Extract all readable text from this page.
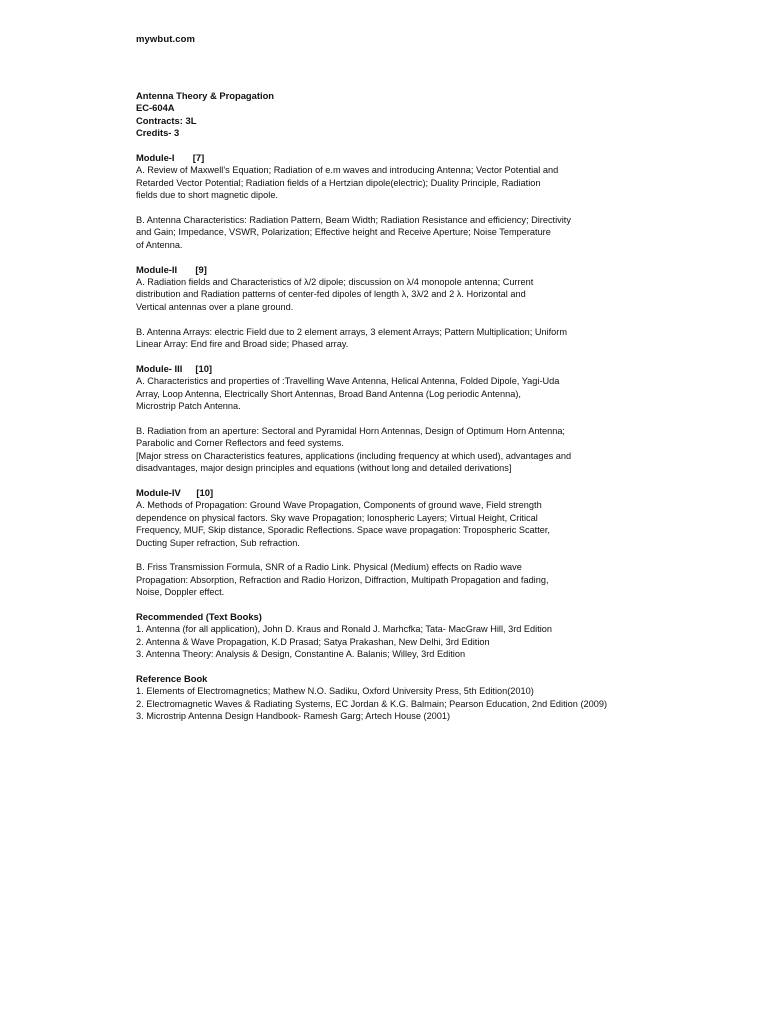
mywbut.com
Antenna Theory & Propagation
EC-604A
Contracts: 3L
Credits- 3
Module-I       [7]

A. Review of Maxwell’s Equation; Radiation of e.m waves and introducing Antenna; Vector Potential and
Retarded Vector Potential; Radiation fields of a Hertzian dipole(electric); Duality Principle, Radiation
fields due to short magnetic dipole.

B. Antenna Characteristics: Radiation Pattern, Beam Width; Radiation Resistance and efficiency; Directivity
and Gain; Impedance, VSWR, Polarization; Effective height and Receive Aperture; Noise Temperature
of Antenna.

Module-II       [9]

A. Radiation fields and Characteristics of λ/2 dipole; discussion on λ/4 monopole antenna; Current
distribution and Radiation patterns of center-fed dipoles of length λ, 3λ/2 and 2 λ. Horizontal and
Vertical antennas over a plane ground.

B. Antenna Arrays: electric Field due to 2 element arrays, 3 element Arrays; Pattern Multiplication; Uniform
Linear Array: End fire and Broad side; Phased array.

Module- III     [10]

A. Characteristics and properties of :Travelling Wave Antenna, Helical Antenna, Folded Dipole, Yagi-Uda
Array, Loop Antenna, Electrically Short Antennas, Broad Band Antenna (Log periodic Antenna),
Microstrip Patch Antenna.

B. Radiation from an aperture: Sectoral and Pyramidal Horn Antennas, Design of Optimum Horn Antenna;
Parabolic and Corner Reflectors and feed systems.
[Major stress on Characteristics features, applications (including frequency at which used), advantages and
disadvantages, major design principles and equations (without long and detailed derivations]

Module-IV      [10]

A. Methods of Propagation: Ground Wave Propagation, Components of ground wave, Field strength
dependence on physical factors. Sky wave Propagation; Ionospheric Layers; Virtual Height, Critical
Frequency, MUF, Skip distance, Sporadic Reflections. Space wave propagation: Tropospheric Scatter,
Ducting Super refraction, Sub refraction.

B. Friss Transmission Formula, SNR of a Radio Link. Physical (Medium) effects on Radio wave
Propagation: Absorption, Refraction and Radio Horizon, Diffraction, Multipath Propagation and fading,
Noise, Doppler effect.

Recommended (Text Books)
1. Antenna (for all application), John D. Kraus and Ronald J. Marhcfka; Tata- MacGraw Hill, 3rd Edition
2. Antenna & Wave Propagation, K.D Prasad; Satya Prakashan, New Delhi, 3rd Edition
3. Antenna Theory: Analysis & Design, Constantine A. Balanis; Willey, 3rd Edition
Reference Book
1. Elements of Electromagnetics; Mathew N.O. Sadiku, Oxford University Press, 5th Edition(2010)
2. Electromagnetic Waves & Radiating Systems, EC Jordan & K.G. Balmain; Pearson Education, 2nd Edition (2009)
3. Microstrip Antenna Design Handbook- Ramesh Garg; Artech House (2001)
